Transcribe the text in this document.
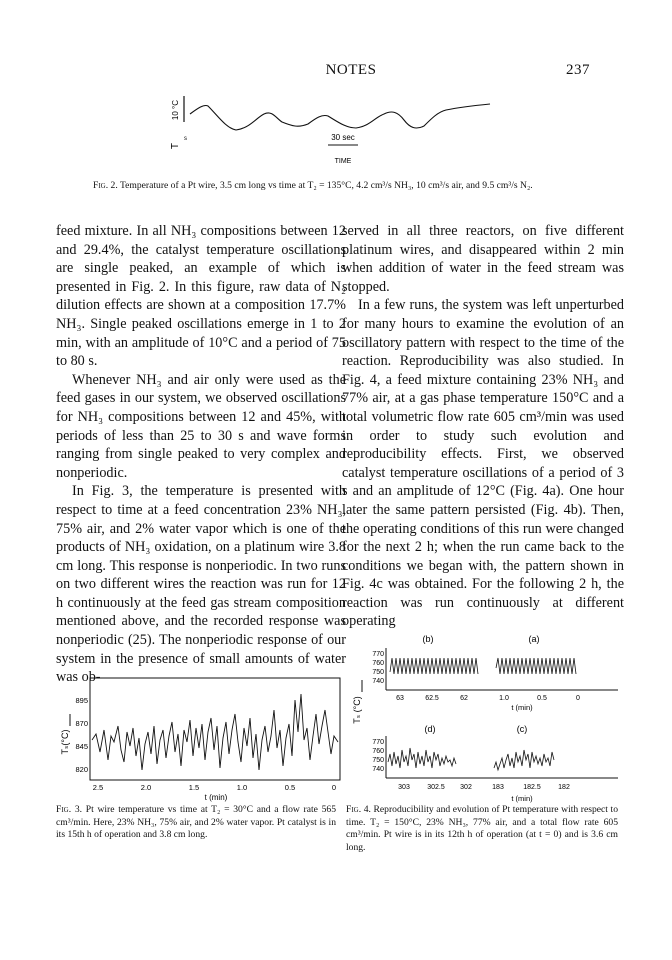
NOTES	237
10 °C
T
s	30 sec
TIME
Fig. 2. Temperature of a Pt wire, 3.5 cm long vs time at T₂ = 135°C, 4.2 cm³/s NH₃, 10 cm³/s air, and 9.5 cm³/s N₂.

feed mixture. In all NH₃ compositions between 12 and 29.4%, the catalyst temperature oscillations are single peaked, an example of which is presented in Fig. 2. In this figure, raw data of N₂ dilution effects are shown at a composition 17.7% NH₃. Single peaked oscillations emerge in 1 to 2 min, with an amplitude of 10°C and a period of 75 to 80 s.

Whenever NH₃ and air only were used as the feed gases in our system, we observed oscillations for NH₃ compositions between 12 and 45%, with periods of less than 25 to 30 s and wave forms ranging from single peaked to very complex and nonperiodic.

In Fig. 3, the temperature is presented with respect to time at a feed concentration 23% NH₃, 75% air, and 2% water vapor which is one of the products of NH₃ oxidation, on a platinum wire 3.8 cm long. This response is nonperiodic. In two runs on two different wires the reaction was run for 12 h continuously at the feed gas stream composition mentioned above, and the recorded response was nonperiodic (25). The nonperiodic response of our system in the presence of small amounts of water was ob-

served in all three reactors, on five different platinum wires, and disappeared within 2 min when addition of water in the feed stream was stopped.

In a few runs, the system was left unperturbed for many hours to examine the evolution of an oscillatory pattern with respect to the time of the reaction. Reproducibility was also studied. In Fig. 4, a feed mixture containing 23% NH₃ and 77% air, at a gas phase temperature 150°C and a total volumetric flow rate 605 cm³/min was used in order to study such evolution and reproducibility effects. First, we observed catalyst temperature oscillations of a period of 3 s and an amplitude of 12°C (Fig. 4a). One hour later the same pattern persisted (Fig. 4b). Then, the operating conditions of this run were changed for the next 2 h; when the run came back to the conditions we began with, the pattern shown in Fig. 4c was obtained. For the following 2 h, the reaction was run continuously at different operating

Tₛ(°C)
895
870
845
820
2.5	2.0	1.5	1.0	0.5	0
t (min)
Fig. 3. Pt wire temperature vs time at T₂ = 30°C and a flow rate 565 cm³/min. Here, 23% NH₃, 75% air, and 2% water vapor. Pt catalyst is in its 15th h of operation and 3.8 cm long.
Tₛ (°C)
(b)	(a)
770
760
750
740
63	62.5	62	1.0	0.5	0
t (min)
(d)	(c)
770
760
750
740
303 302.5 302	183	182.5 182
t (min)
Fig. 4. Reproducibility and evolution of Pt temperature with respect to time. T₂ = 150°C, 23% NH₃, 77% air, and a total flow rate 605 cm³/min. Pt wire is in its 12th h of operation (at t = 0) and is 3.6 cm long.
